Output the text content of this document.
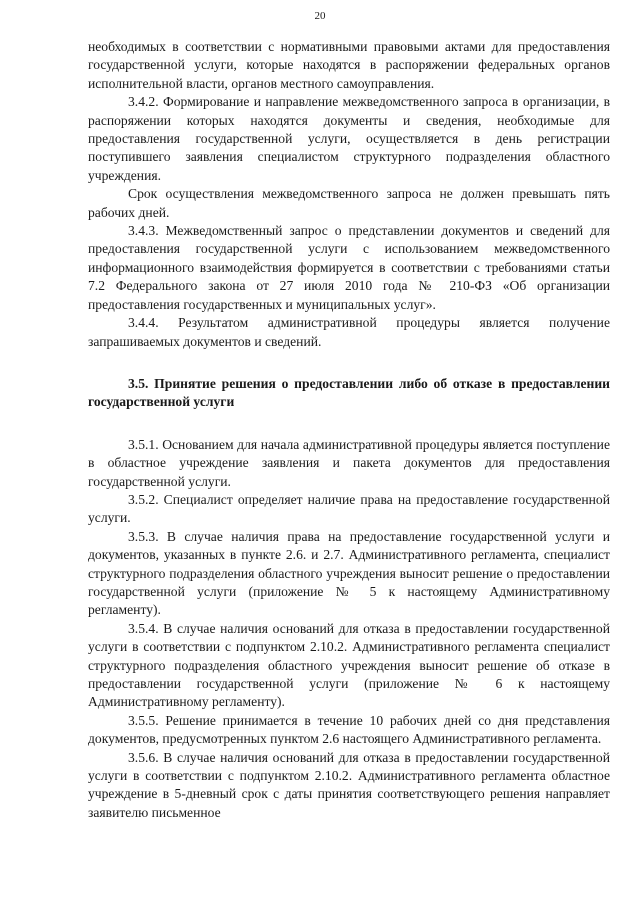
20

необходимых в соответствии с нормативными правовыми актами для предоставления государственной услуги, которые находятся в распоряжении федеральных органов исполнительной власти, органов местного самоуправления.

3.4.2. Формирование и направление межведомственного запроса в организации, в распоряжении которых находятся документы и сведения, необходимые для предоставления государственной услуги, осуществляется в день регистрации поступившего заявления специалистом структурного подразделения областного учреждения.

Срок осуществления межведомственного запроса не должен превышать пять рабочих дней.

3.4.3. Межведомственный запрос о представлении документов и сведений для предоставления государственной услуги с использованием межведомственного информационного взаимодействия формируется в соответствии с требованиями статьи 7.2 Федерального закона от 27 июля 2010 года № 210-ФЗ «Об организации предоставления государственных и муниципальных услуг».

3.4.4. Результатом административной процедуры является получение запрашиваемых документов и сведений.

3.5. Принятие решения о предоставлении либо об отказе в предоставлении государственной услуги

3.5.1. Основанием для начала административной процедуры является поступление в областное учреждение заявления и пакета документов для предоставления государственной услуги.

3.5.2. Специалист определяет наличие права на предоставление государственной услуги.

3.5.3. В случае наличия права на предоставление государственной услуги и документов, указанных в пункте 2.6. и 2.7. Административного регламента, специалист структурного подразделения областного учреждения выносит решение о предоставлении государственной услуги (приложение № 5 к настоящему Административному регламенту).

3.5.4. В случае наличия оснований для отказа в предоставлении государственной услуги в соответствии с подпунктом 2.10.2. Административного регламента специалист структурного подразделения областного учреждения выносит решение об отказе в предоставлении государственной услуги (приложение № 6 к настоящему Административному регламенту).

3.5.5. Решение принимается в течение 10 рабочих дней со дня представления документов, предусмотренных пунктом 2.6 настоящего Административного регламента.

3.5.6. В случае наличия оснований для отказа в предоставлении государственной услуги в соответствии с подпунктом 2.10.2. Административного регламента областное учреждение в 5-дневный срок с даты принятия соответствующего решения направляет заявителю письменное
